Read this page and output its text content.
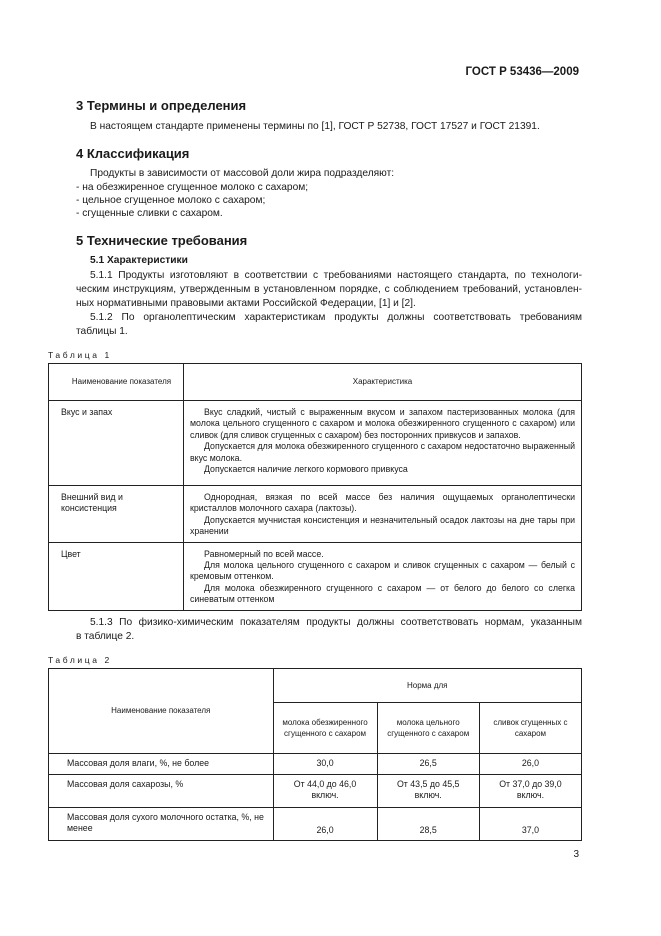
ГОСТ Р 53436—2009
3 Термины и определения
В настоящем стандарте применены термины по [1], ГОСТ Р 52738, ГОСТ 17527 и ГОСТ 21391.
4 Классификация
Продукты в зависимости от массовой доли жира подразделяют:
- на обезжиренное сгущенное молоко с сахаром;
- цельное сгущенное молоко с сахаром;
- сгущенные сливки с сахаром.
5 Технические требования
5.1 Характеристики
5.1.1 Продукты изготовляют в соответствии с требованиями настоящего стандарта, по технологи-
ческим инструкциям, утвержденным в установленном порядке, с соблюдением требований, установлен-
ных нормативными правовыми актами Российской Федерации, [1] и [2].
5.1.2 По органолептическим характеристикам продукты должны соответствовать требованиям
таблицы 1.
Таблица 1
Наименование показателя	Характеристика
Вкус и запах	Вкус сладкий, чистый с выраженным вкусом и запахом пастеризованных молока (для молока цельного сгущенного с сахаром и молока обезжиренного сгущенного с сахаром) или сливок (для сливок сгущенных с сахаром) без посторонних привкусов и запахов.

Допускается для молока обезжиренного сгущенного с сахаром недостаточно выраженный вкус молока.

Допускается наличие легкого кормового привкуса

Внешний вид и консистенция	Однородная, вязкая по всей массе без наличия ощущаемых органолептически кристаллов молочного сахара (лактозы).

Допускается мучнистая консистенция и незначительный осадок лактозы на дне тары при хранении

Цвет	Равномерный по всей массе.

Для молока цельного сгущенного с сахаром и сливок сгущенных с сахаром — белый с кремовым оттенком.

Для молока обезжиренного сгущенного с сахаром — от белого до белого со слегка синеватым оттенком

5.1.3 По физико-химическим показателям продукты должны соответствовать нормам, указанным
в таблице 2.
Таблица 2
Наименование показателя	Норма для		
	молока обезжиренного сгущенного с сахаром	молока цельного сгущенного с сахаром	сливок сгущенных с сахаром
Массовая доля влаги, %, не более	30,0	26,5	26,0
Массовая доля сахарозы, %	От 44,0 до 46,0 включ.	От 43,5 до 45,5 включ.	От 37,0 до 39,0 включ.
Массовая доля сухого молочного остатка, %, не менее	26,0	28,5	37,0
3
